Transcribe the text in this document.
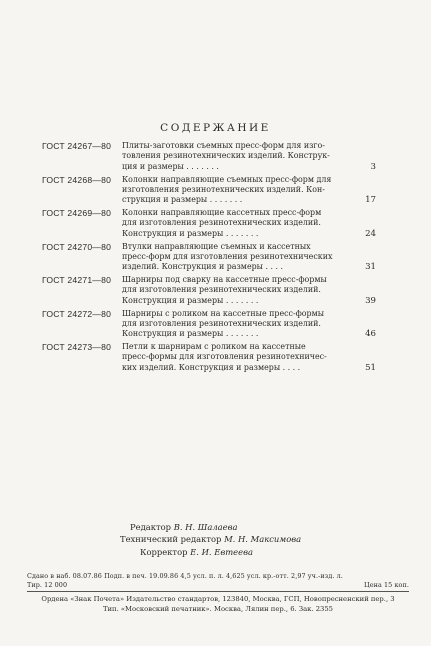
СОДЕРЖАНИЕ
ГОСТ 24267—80	Плиты-заготовки съемных пресс-форм для изго-
товления резинотехнических изделий. Конструк-
ция и размеры . . . . . . .	3
ГОСТ 24268—80	Колонки направляющие съемных пресс-форм для
изготовления резинотехнических изделий. Кон-
струкция и размеры . . . . . . .	17
ГОСТ 24269—80	Колонки направляющие кассетных пресс-форм
для изготовления резинотехнических изделий.
Конструкция и размеры . . . . . . .	24
ГОСТ 24270—80	Втулки направляющие съемных и кассетных
пресс-форм для изготовления резинотехнических
изделий. Конструкция и размеры . . . .	31
ГОСТ 24271—80	Шарниры под сварку на кассетные пресс-формы
для изготовления резинотехнических изделий.
Конструкция и размеры . . . . . . .	39
ГОСТ 24272—80	Шарниры с роликом на кассетные пресс-формы
для изготовления резинотехнических изделий.
Конструкция и размеры . . . . . . .	46
ГОСТ 24273—80	Петли к шарнирам с роликом на кассетные
пресс-формы для изготовления резинотехничес-
ких изделий. Конструкция и размеры . . . .	51
Редактор В. Н. Шалаева
Технический редактор М. Н. Максимова
Корректор Е. И. Евтеева
Сдано в наб. 08.07.86 Подп. в печ. 19.09.86 4,5 усл. п. л. 4,625 усл. кр.-отт. 2,97 уч.-изд. л.
Тир. 12 000	Цена 15 коп.
Ордена «Знак Почета» Издательство стандартов, 123840, Москва, ГСП, Новопресненский пер., 3
Тип. «Московский печатник». Москва, Лялин пер., 6. Зак. 2355
